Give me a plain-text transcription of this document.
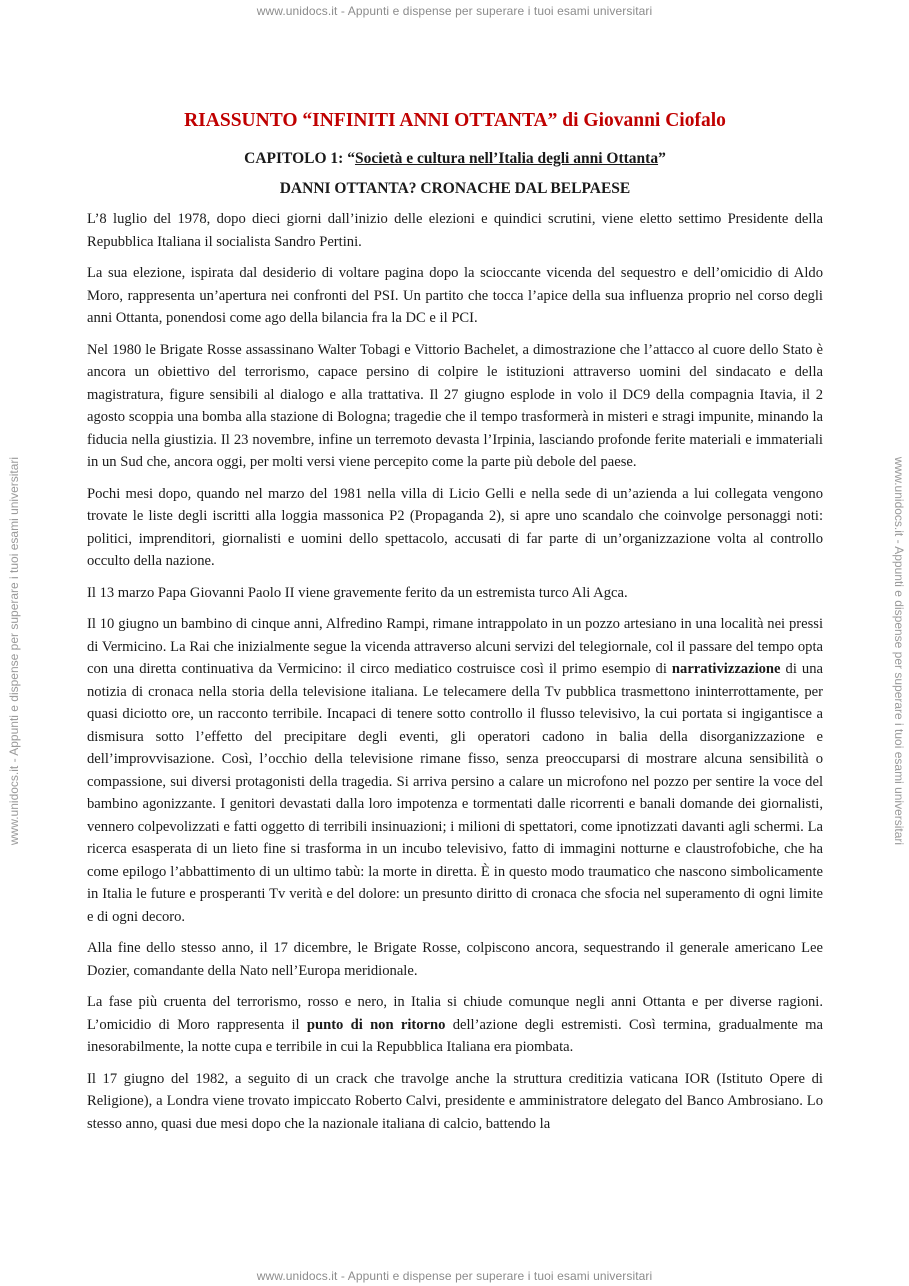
www.unidocs.it - Appunti e dispense per superare i tuoi esami universitari
www.unidocs.it - Appunti e dispense per superare i tuoi esami universitari	www.unidocs.it - Appunti e dispense per superare i tuoi esami universitari
RIASSUNTO “INFINITI ANNI OTTANTA” di Giovanni Ciofalo
CAPITOLO 1: “Società e cultura nell’Italia degli anni Ottanta”
DANNI OTTANTA? CRONACHE DAL BELPAESE

L’8 luglio del 1978, dopo dieci giorni dall’inizio delle elezioni e quindici scrutini, viene eletto settimo Presidente della Repubblica Italiana il socialista Sandro Pertini.

La sua elezione, ispirata dal desiderio di voltare pagina dopo la scioccante vicenda del sequestro e dell’omicidio di Aldo Moro, rappresenta un’apertura nei confronti del PSI. Un partito che tocca l’apice della sua influenza proprio nel corso degli anni Ottanta, ponendosi come ago della bilancia fra la DC e il PCI.

Nel 1980 le Brigate Rosse assassinano Walter Tobagi e Vittorio Bachelet, a dimostrazione che l’attacco al cuore dello Stato è ancora un obiettivo del terrorismo, capace persino di colpire le istituzioni attraverso uomini del sindacato e della magistratura, figure sensibili al dialogo e alla trattativa. Il 27 giugno esplode in volo il DC9 della compagnia Itavia, il 2 agosto scoppia una bomba alla stazione di Bologna; tragedie che il tempo trasformerà in misteri e stragi impunite, minando la fiducia nella giustizia. Il 23 novembre, infine un terremoto devasta l’Irpinia, lasciando profonde ferite materiali e immateriali in un Sud che, ancora oggi, per molti versi viene percepito come la parte più debole del paese.

Pochi mesi dopo, quando nel marzo del 1981 nella villa di Licio Gelli e nella sede di un’azienda a lui collegata vengono trovate le liste degli iscritti alla loggia massonica P2 (Propaganda 2), si apre uno scandalo che coinvolge personaggi noti: politici, imprenditori, giornalisti e uomini dello spettacolo, accusati di far parte di un’organizzazione volta al controllo occulto della nazione.

Il 13 marzo Papa Giovanni Paolo II viene gravemente ferito da un estremista turco Ali Agca.

Il 10 giugno un bambino di cinque anni, Alfredino Rampi, rimane intrappolato in un pozzo artesiano in una località nei pressi di Vermicino. La Rai che inizialmente segue la vicenda attraverso alcuni servizi del telegiornale, col il passare del tempo opta con una diretta continuativa da Vermicino: il circo mediatico costruisce così il primo esempio di narrativizzazione di una notizia di cronaca nella storia della televisione italiana. Le telecamere della Tv pubblica trasmettono ininterrottamente, per quasi diciotto ore, un racconto terribile. Incapaci di tenere sotto controllo il flusso televisivo, la cui portata si ingigantisce a dismisura sotto l’effetto del precipitare degli eventi, gli operatori cadono in balia della disorganizzazione e dell’improvvisazione. Così, l’occhio della televisione rimane fisso, senza preoccuparsi di mostrare alcuna sensibilità o compassione, sui diversi protagonisti della tragedia. Si arriva persino a calare un microfono nel pozzo per sentire la voce del bambino agonizzante. I genitori devastati dalla loro impotenza e tormentati dalle ricorrenti e banali domande dei giornalisti, vennero colpevolizzati e fatti oggetto di terribili insinuazioni; i milioni di spettatori, come ipnotizzati davanti agli schermi. La ricerca esasperata di un lieto fine si trasforma in un incubo televisivo, fatto di immagini notturne e claustrofobiche, che ha come epilogo l’abbattimento di un ultimo tabù: la morte in diretta. È in questo modo traumatico che nascono simbolicamente in Italia le future e prosperanti Tv verità e del dolore: un presunto diritto di cronaca che sfocia nel superamento di ogni limite e di ogni decoro.

Alla fine dello stesso anno, il 17 dicembre, le Brigate Rosse, colpiscono ancora, sequestrando il generale americano Lee Dozier, comandante della Nato nell’Europa meridionale.

La fase più cruenta del terrorismo, rosso e nero, in Italia si chiude comunque negli anni Ottanta e per diverse ragioni. L’omicidio di Moro rappresenta il punto di non ritorno dell’azione degli estremisti. Così termina, gradualmente ma inesorabilmente, la notte cupa e terribile in cui la Repubblica Italiana era piombata.

Il 17 giugno del 1982, a seguito di un crack che travolge anche la struttura creditizia vaticana IOR (Istituto Opere di Religione), a Londra viene trovato impiccato Roberto Calvi, presidente e amministratore delegato del Banco Ambrosiano. Lo stesso anno, quasi due mesi dopo che la nazionale italiana di calcio, battendo la

www.unidocs.it - Appunti e dispense per superare i tuoi esami universitari
